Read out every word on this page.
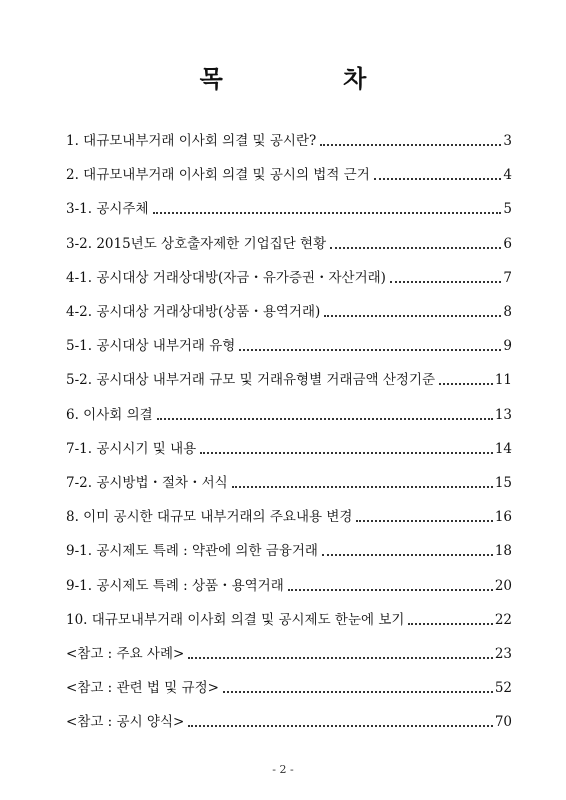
목 차
1. 대규모내부거래 이사회 의결 및 공시란?	3
2. 대규모내부거래 이사회 의결 및 공시의 법적 근거	4
3-1. 공시주체	5
3-2. 2015년도 상호출자제한 기업집단 현황	6
4-1. 공시대상 거래상대방(자금・유가증권・자산거래)	7
4-2. 공시대상 거래상대방(상품・용역거래)	8
5-1. 공시대상 내부거래 유형	9
5-2. 공시대상 내부거래 규모 및 거래유형별 거래금액 산정기준	11
6. 이사회 의결	13
7-1. 공시시기 및 내용	14
7-2. 공시방법・절차・서식	15
8. 이미 공시한 대규모 내부거래의 주요내용 변경	16
9-1. 공시제도 특례 : 약관에 의한 금융거래	18
9-1. 공시제도 특례 : 상품・용역거래	20
10. 대규모내부거래 이사회 의결 및 공시제도 한눈에 보기	22
<참고 : 주요 사례>	23
<참고 : 관련 법 및 규정>	52
<참고 : 공시 양식>	70

- 2 -
